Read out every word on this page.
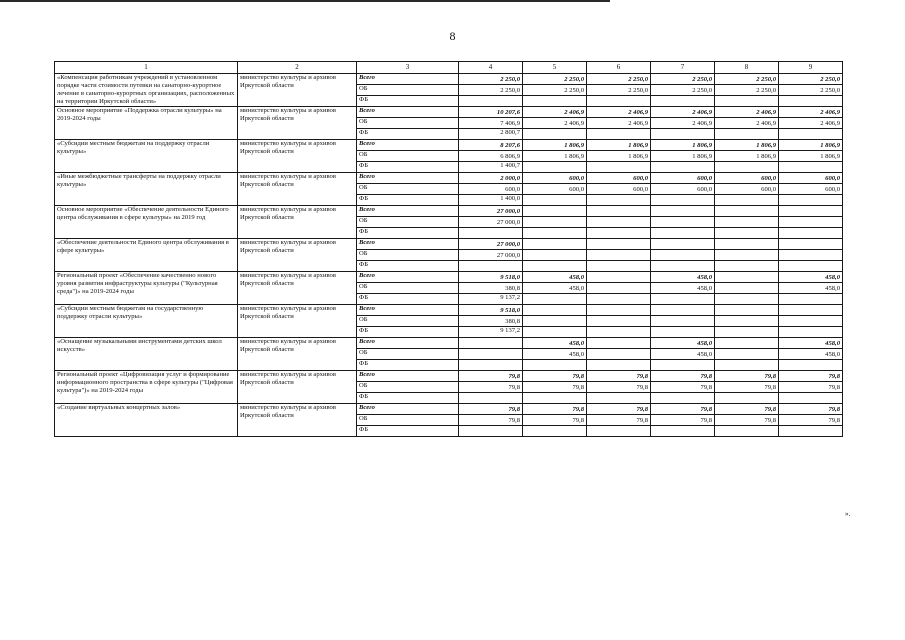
8
1	2	3	4	5	6	7	8	9
«Компенсация работникам учреждений в установленном порядке части стоимости путевки на санаторно-курортное лечение в санаторно-курортных организациях, расположенных на территории Иркутской области»	министерство культуры и архивов Иркутской области	Всего	2 250,0	2 250,0	2 250,0	2 250,0	2 250,0	2 250,0
		ОБ	2 250,0	2 250,0	2 250,0	2 250,0	2 250,0	2 250,0
		ФБ						
Основное мероприятие «Поддержка отрасли культуры» на 2019-2024 годы	министерство культуры и архивов Иркутской области	Всего	10 207,6	2 406,9	2 406,9	2 406,9	2 406,9	2 406,9
		ОБ	7 406,9	2 406,9	2 406,9	2 406,9	2 406,9	2 406,9
		ФБ	2 800,7					
«Субсидии местным бюджетам на поддержку отрасли культуры»	министерство культуры и архивов Иркутской области	Всего	8 207,6	1 806,9	1 806,9	1 806,9	1 806,9	1 806,9
		ОБ	6 806,9	1 806,9	1 806,9	1 806,9	1 806,9	1 806,9
		ФБ	1 400,7					
«Иные межбюджетные трансферты на поддержку отрасли культуры»	министерство культуры и архивов Иркутской области	Всего	2 000,0	600,0	600,0	600,0	600,0	600,0
		ОБ	600,0	600,0	600,0	600,0	600,0	600,0
		ФБ	1 400,0					
Основное мероприятие «Обеспечение деятельности Единого центра обслуживания в сфере культуры» на 2019 год	министерство культуры и архивов Иркутской области	Всего	27 000,0					
		ОБ	27 000,0					
		ФБ						
«Обеспечение деятельности Единого центра обслуживания в сфере культуры»	министерство культуры и архивов Иркутской области	Всего	27 000,0					
		ОБ	27 000,0					
		ФБ						
Региональный проект «Обеспечение качественно нового уровня развития инфраструктуры культуры ("Культурная среда")» на 2019-2024 годы	министерство культуры и архивов Иркутской области	Всего	9 518,0	458,0		458,0		458,0
		ОБ	380,8	458,0		458,0		458,0
		ФБ	9 137,2					
«Субсидии местным бюджетам на государственную поддержку отрасли культуры»	министерство культуры и архивов Иркутской области	Всего	9 518,0					
		ОБ	380,8					
		ФБ	9 137,2					
«Оснащение музыкальными инструментами детских школ искусств»	министерство культуры и архивов Иркутской области	Всего		458,0		458,0		458,0
		ОБ		458,0		458,0		458,0
		ФБ						
Региональный проект «Цифровизация услуг и формирование информационного пространства в сфере культуры ("Цифровая культура")» на 2019-2024 годы	министерство культуры и архивов Иркутской области	Всего	79,8	79,8	79,8	79,8	79,8	79,8
		ОБ	79,8	79,8	79,8	79,8	79,8	79,8
		ФБ						
«Создание виртуальных концертных залов»	министерство культуры и архивов Иркутской области	Всего	79,8	79,8	79,8	79,8	79,8	79,8
		ОБ	79,8	79,8	79,8	79,8	79,8	79,8
		ФБ						
».
